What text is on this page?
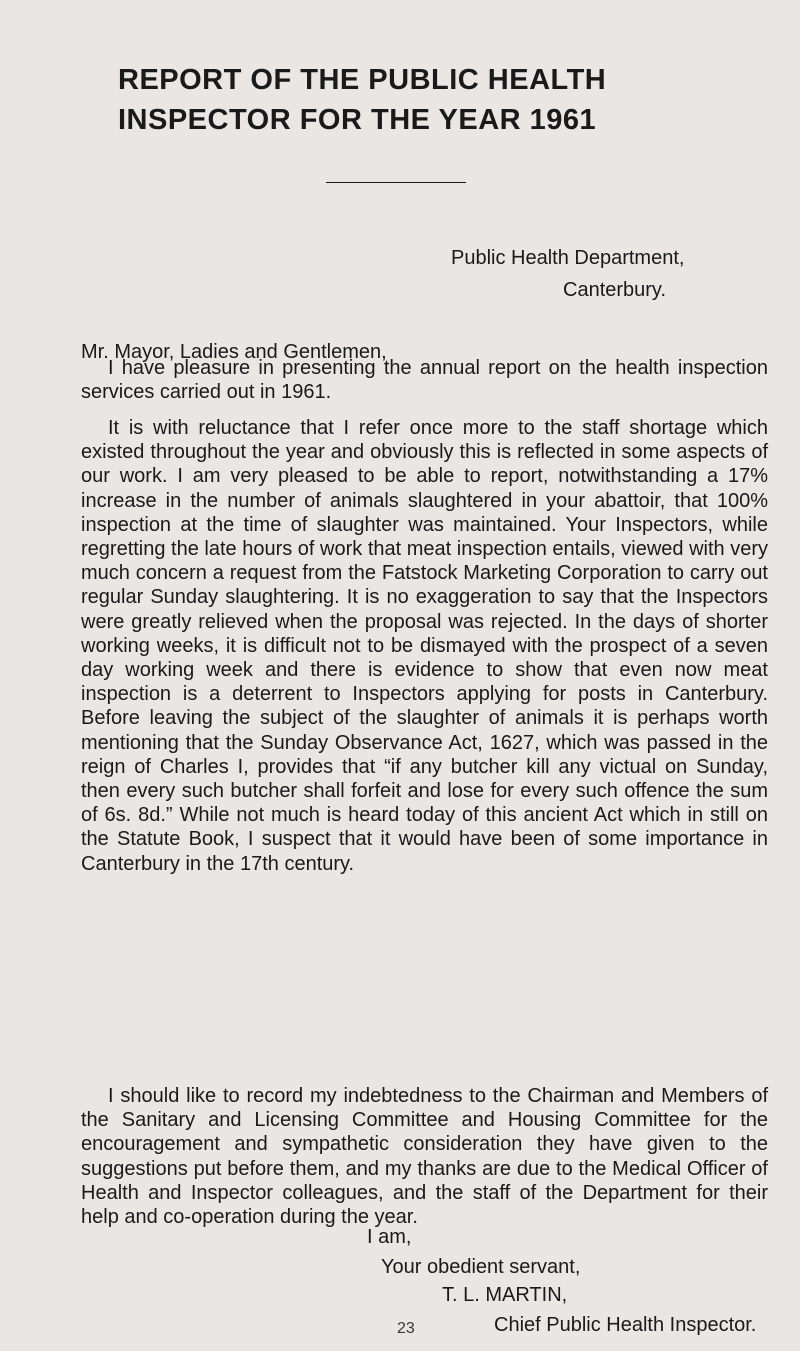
REPORT OF THE PUBLIC HEALTH
INSPECTOR FOR THE YEAR 1961
Public Health Department,
Canterbury.
Mr. Mayor, Ladies and Gentlemen,

I have pleasure in presenting the annual report on the health inspection services carried out in 1961.

It is with reluctance that I refer once more to the staff shortage which existed throughout the year and obviously this is reflected in some aspects of our work. I am very pleased to be able to report, notwithstanding a 17% increase in the number of animals slaughtered in your abattoir, that 100% inspection at the time of slaughter was maintained. Your Inspectors, while regretting the late hours of work that meat inspection entails, viewed with very much concern a request from the Fatstock Marketing Corporation to carry out regular Sunday slaughtering. It is no exaggeration to say that the Inspectors were greatly relieved when the proposal was rejected. In the days of shorter working weeks, it is difficult not to be dismayed with the prospect of a seven day working week and there is evidence to show that even now meat inspection is a deterrent to Inspectors applying for posts in Canterbury. Before leaving the subject of the slaughter of animals it is perhaps worth mentioning that the Sunday Observance Act, 1627, which was passed in the reign of Charles I, provides that “if any butcher kill any victual on Sunday, then every such butcher shall forfeit and lose for every such offence the sum of 6s. 8d.” While not much is heard today of this ancient Act which in still on the Statute Book, I suspect that it would have been of some importance in Canterbury in the 17th century.

I should like to record my indebtedness to the Chairman and Members of the Sanitary and Licensing Committee and Housing Committee for the encouragement and sympathetic consideration they have given to the suggestions put before them, and my thanks are due to the Medical Officer of Health and Inspector colleagues, and the staff of the Department for their help and co-operation during the year.

I am,
Your obedient servant,
T. L. MARTIN,
Chief Public Health Inspector.
23
